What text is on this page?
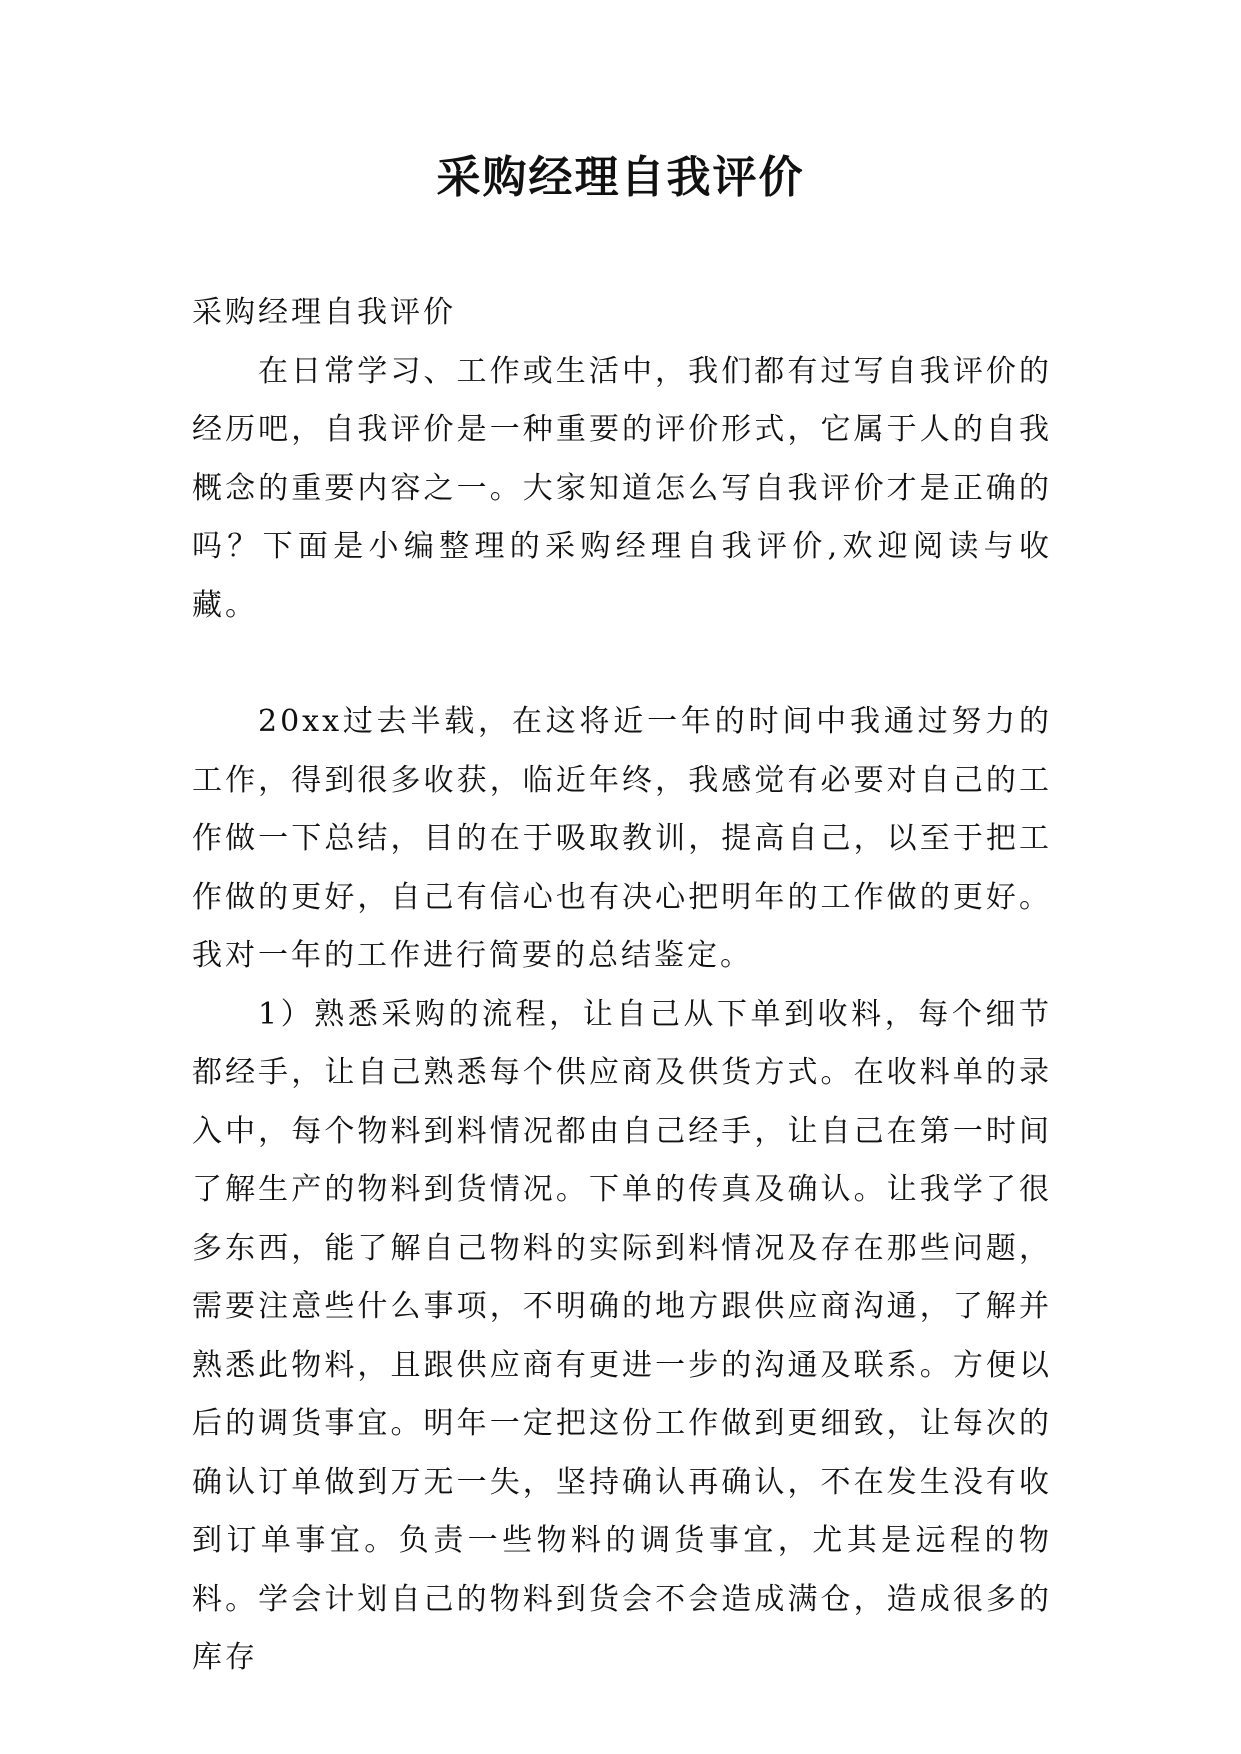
采购经理自我评价

采购经理自我评价

在日常学习、工作或生活中，我们都有过写自我评价的经历吧，自我评价是一种重要的评价形式，它属于人的自我概念的重要内容之一。大家知道怎么写自我评价才是正确的吗？下面是小编整理的采购经理自我评价,欢迎阅读与收藏。

20xx过去半载，在这将近一年的时间中我通过努力的工作，得到很多收获，临近年终，我感觉有必要对自己的工作做一下总结，目的在于吸取教训，提高自己，以至于把工作做的更好，自己有信心也有决心把明年的工作做的更好。我对一年的工作进行简要的总结鉴定。

1）熟悉采购的流程，让自己从下单到收料，每个细节都经手，让自己熟悉每个供应商及供货方式。在收料单的录入中，每个物料到料情况都由自己经手，让自己在第一时间了解生产的物料到货情况。下单的传真及确认。让我学了很多东西，能了解自己物料的实际到料情况及存在那些问题，需要注意些什么事项，不明确的地方跟供应商沟通，了解并熟悉此物料，且跟供应商有更进一步的沟通及联系。方便以后的调货事宜。明年一定把这份工作做到更细致，让每次的确认订单做到万无一失，坚持确认再确认，不在发生没有收到订单事宜。负责一些物料的调货事宜，尤其是远程的物料。学会计划自己的物料到货会不会造成满仓，造成很多的库存
